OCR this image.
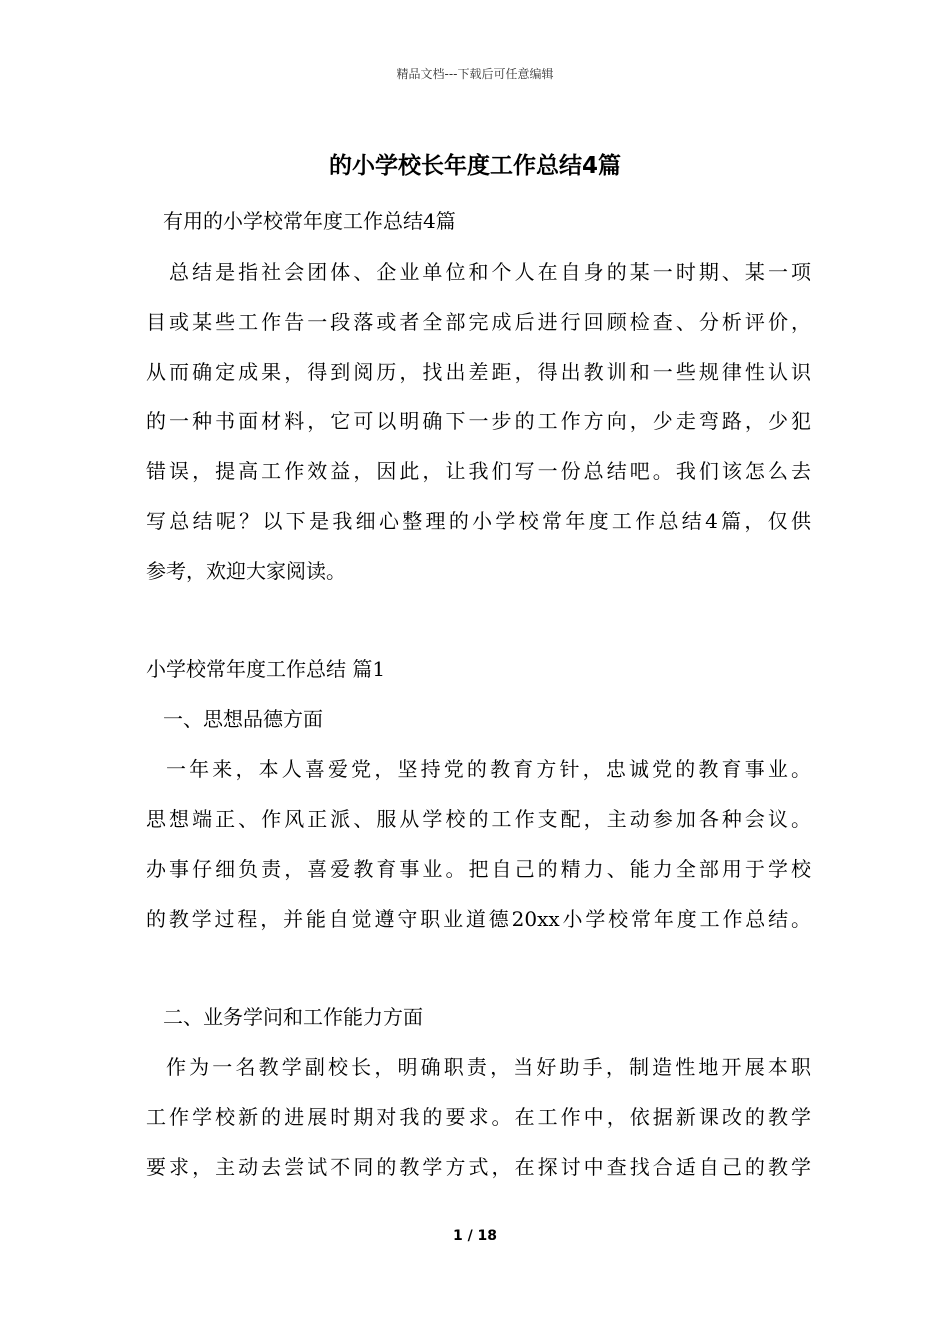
精品文档---下载后可任意编辑
的小学校长年度工作总结4篇
有用的小学校常年度工作总结4篇
　总结是指社会团体、企业单位和个人在自身的某一时期、某一项
目或某些工作告一段落或者全部完成后进行回顾检查、分析评价，
从而确定成果，得到阅历，找出差距，得出教训和一些规律性认识
的一种书面材料，它可以明确下一步的工作方向，少走弯路，少犯
错误，提高工作效益，因此，让我们写一份总结吧。我们该怎么去
写总结呢？以下是我细心整理的小学校常年度工作总结4篇，仅供
参考，欢迎大家阅读。
小学校常年度工作总结 篇1
一、思想品德方面
一年来，本人喜爱党，坚持党的教育方针，忠诚党的教育事业。
思想端正、作风正派、服从学校的工作支配，主动参加各种会议。
办事仔细负责，喜爱教育事业。把自己的精力、能力全部用于学校
的教学过程，并能自觉遵守职业道德20xx小学校常年度工作总结。
二、业务学问和工作能力方面
作为一名教学副校长，明确职责，当好助手，制造性地开展本职
工作学校新的进展时期对我的要求。在工作中，依据新课改的教学
要求，主动去尝试不同的教学方式，在探讨中查找合适自己的教学
1 / 18
